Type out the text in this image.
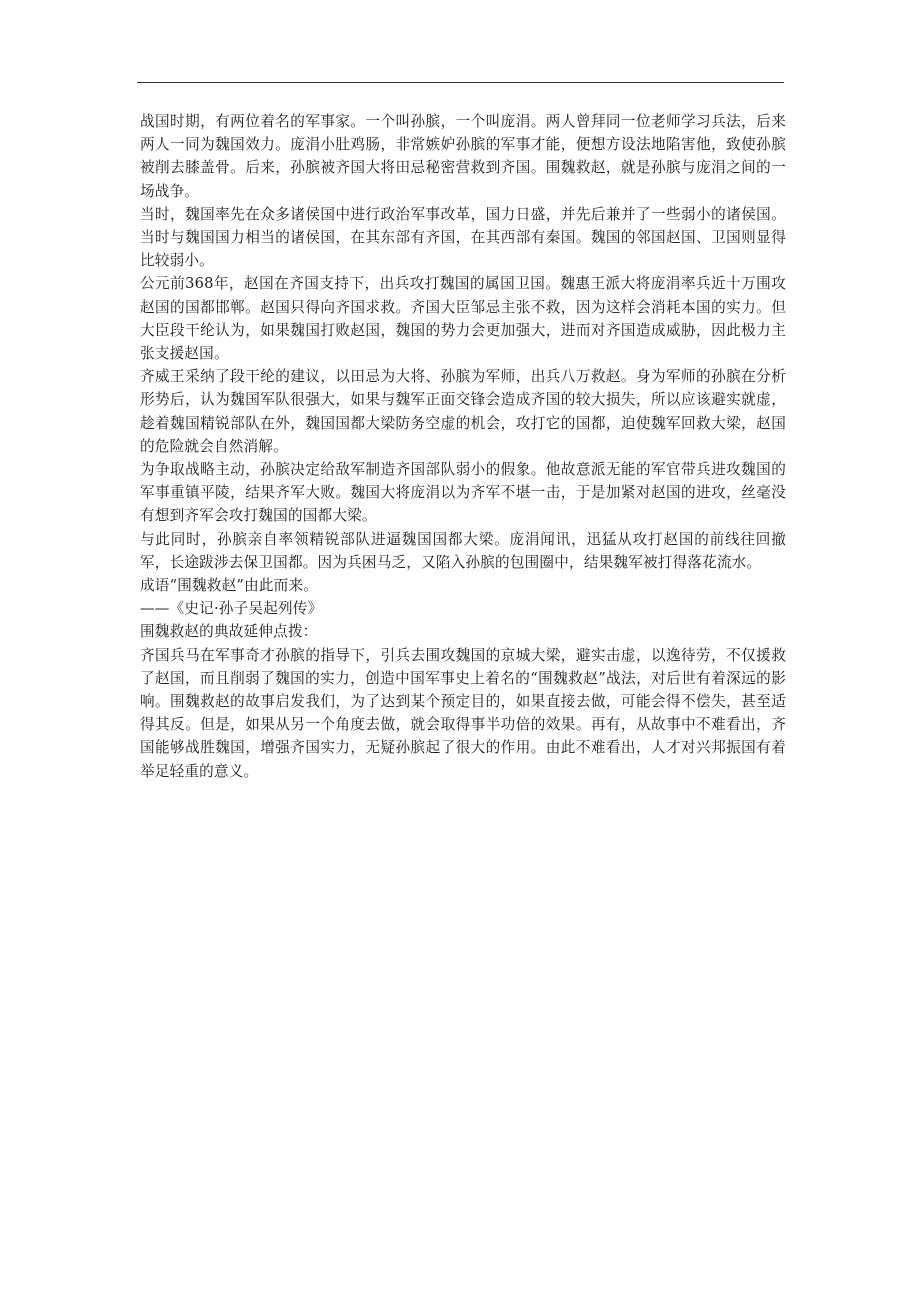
战国时期，有两位着名的军事家。一个叫孙膑，一个叫庞涓。两人曾拜同一位老师学习兵法，后来两人一同为魏国效力。庞涓小肚鸡肠，非常嫉妒孙膑的军事才能，便想方设法地陷害他，致使孙膑被削去膝盖骨。后来，孙膑被齐国大将田忌秘密营救到齐国。围魏救赵，就是孙膑与庞涓之间的一场战争。

当时，魏国率先在众多诸侯国中进行政治军事改革，国力日盛，并先后兼并了一些弱小的诸侯国。当时与魏国国力相当的诸侯国，在其东部有齐国，在其西部有秦国。魏国的邻国赵国、卫国则显得比较弱小。

公元前368年，赵国在齐国支持下，出兵攻打魏国的属国卫国。魏惠王派大将庞涓率兵近十万围攻赵国的国都邯郸。赵国只得向齐国求救。齐国大臣邹忌主张不救，因为这样会消耗本国的实力。但大臣段干纶认为，如果魏国打败赵国，魏国的势力会更加强大，进而对齐国造成威胁，因此极力主张支援赵国。

齐威王采纳了段干纶的建议，以田忌为大将、孙膑为军师，出兵八万救赵。身为军师的孙膑在分析形势后，认为魏国军队很强大，如果与魏军正面交锋会造成齐国的较大损失，所以应该避实就虚，趁着魏国精锐部队在外，魏国国都大梁防务空虚的机会，攻打它的国都，迫使魏军回救大梁，赵国的危险就会自然消解。

为争取战略主动，孙膑决定给敌军制造齐国部队弱小的假象。他故意派无能的军官带兵进攻魏国的军事重镇平陵，结果齐军大败。魏国大将庞涓以为齐军不堪一击，于是加紧对赵国的进攻，丝毫没有想到齐军会攻打魏国的国都大梁。

与此同时，孙膑亲自率领精锐部队进逼魏国国都大梁。庞涓闻讯，迅猛从攻打赵国的前线往回撤军，长途跋涉去保卫国都。因为兵困马乏，又陷入孙膑的包围圈中，结果魏军被打得落花流水。

成语“围魏救赵”由此而来。

——《史记·孙子吴起列传》

围魏救赵的典故延伸点拨：

齐国兵马在军事奇才孙膑的指导下，引兵去围攻魏国的京城大梁，避实击虚，以逸待劳，不仅援救了赵国，而且削弱了魏国的实力，创造中国军事史上着名的“围魏救赵”战法，对后世有着深远的影响。围魏救赵的故事启发我们，为了达到某个预定目的，如果直接去做，可能会得不偿失，甚至适得其反。但是，如果从另一个角度去做，就会取得事半功倍的效果。再有，从故事中不难看出，齐国能够战胜魏国，增强齐国实力，无疑孙膑起了很大的作用。由此不难看出，人才对兴邦振国有着举足轻重的意义。
